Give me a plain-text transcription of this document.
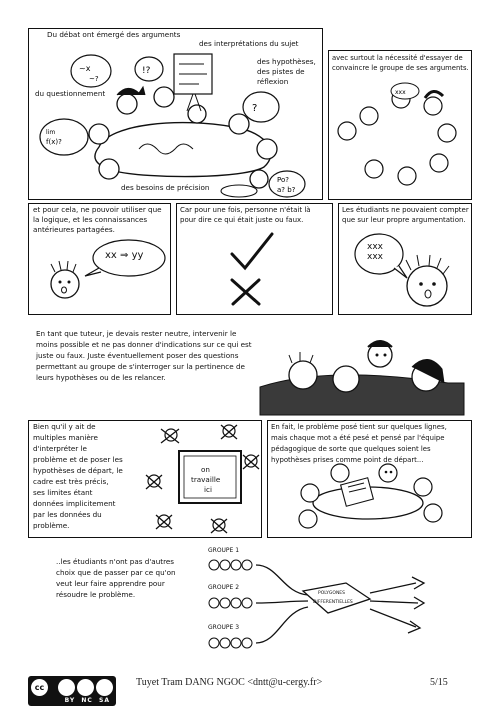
~x
~?
!?
lim
f(x)?
?
Po?
a? b?

Du débat ont émergé des arguments

des interprétations du sujet

des hypothèses,

des pistes de

réflexion

du questionnement

des besoins de précision

avec surtout la nécessité d'essayer de

convaincre le groupe de ses arguments.

xxx

et pour cela, ne pouvoir utiliser que

la logique, et les connaissances

antérieures partagées.

xx ⇒ yy

Car pour une fois, personne n'était là

pour dire ce qui était juste ou faux.

Les étudiants ne pouvaient compter

que sur leur propre argumentation.

xxx

xxx

En tant que tuteur, je devais rester neutre, intervenir le

moins possible et ne pas donner d'indications sur ce qui est

juste ou faux. Juste éventuellement poser des questions

permettant au groupe de s'interroger sur la pertinence de

leurs hypothèses ou de les relancer.

Bien qu'il y ait de

multiples manière

d'interpréter le

problème et de poser les

hypothèses de départ, le

cadre est très précis,

ses limites étant

données implicitement

par les données du

problème.

on

travaille

ici

En fait, le problème posé tient sur quelques lignes,

mais chaque mot a été pesé et pensé par l'équipe

pédagogique de sorte que quelques soient les

hypothèses prises comme point de départ...

..les étudiants n'ont pas d'autres

choix que de passer par ce qu'on

veut leur faire apprendre pour

résoudre le problème.

GROUPE 1

GROUPE 2

GROUPE 3

POLYGONES

DIFFERENTIELLES

cc
BY NC SA
Tuyet Tram DANG NGOC <dntt@u-cergy.fr>	5/15
